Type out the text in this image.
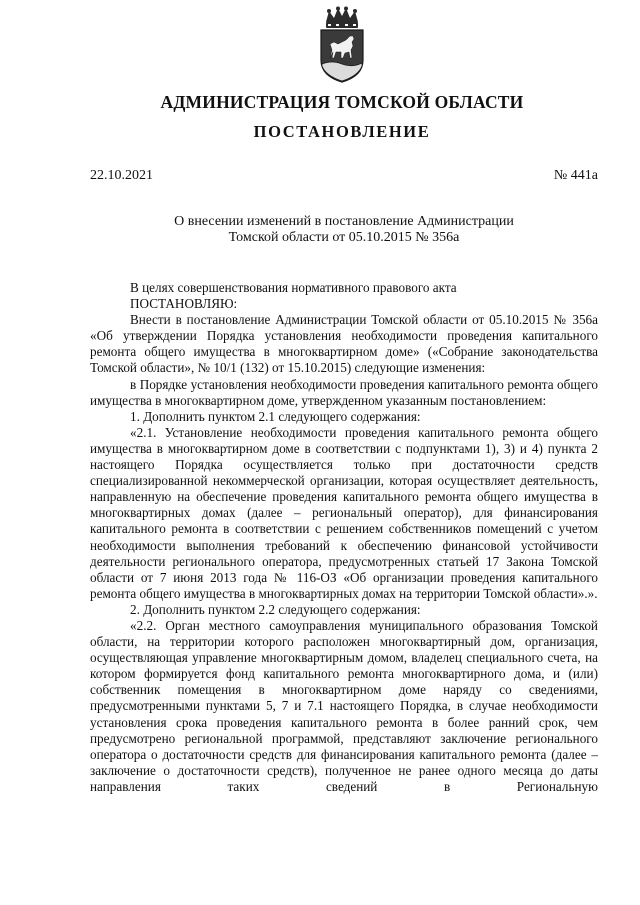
АДМИНИСТРАЦИЯ ТОМСКОЙ ОБЛАСТИ
ПОСТАНОВЛЕНИЕ
22.10.2021	№ 441а
О внесении изменений в постановление Администрации
Томской области от 05.10.2015 № 356а

В целях совершенствования нормативного правового акта

ПОСТАНОВЛЯЮ:

Внести в постановление Администрации Томской области от 05.10.2015 № 356а «Об утверждении Порядка установления необходимости проведения капитального ремонта общего имущества в многоквартирном доме» («Собрание законодательства Томской области», № 10/1 (132) от 15.10.2015) следующие изменения:

в Порядке установления необходимости проведения капитального ремонта общего имущества в многоквартирном доме, утвержденном указанным постановлением:

1. Дополнить пунктом 2.1 следующего содержания:

«2.1. Установление необходимости проведения капитального ремонта общего имущества в многоквартирном доме в соответствии с подпунктами 1), 3) и 4) пункта 2 настоящего Порядка осуществляется только при достаточности средств специализированной некоммерческой организации, которая осуществляет деятельность, направленную на обеспечение проведения капитального ремонта общего имущества в многоквартирных домах (далее – региональный оператор), для финансирования капитального ремонта в соответствии с решением собственников помещений с учетом необходимости выполнения требований к обеспечению финансовой устойчивости деятельности регионального оператора, предусмотренных статьей 17 Закона Томской области от 7 июня 2013 года № 116-ОЗ «Об организации проведения капитального ремонта общего имущества в многоквартирных домах на территории Томской области».».

2. Дополнить пунктом 2.2 следующего содержания:

«2.2. Орган местного самоуправления муниципального образования Томской области, на территории которого расположен многоквартирный дом, организация, осуществляющая управление многоквартирным домом, владелец специального счета, на котором формируется фонд капитального ремонта многоквартирного дома, и (или) собственник помещения в многоквартирном доме наряду со сведениями, предусмотренными пунктами 5, 7 и 7.1 настоящего Порядка, в случае необходимости установления срока проведения капитального ремонта в более ранний срок, чем предусмотрено региональной программой, представляют заключение регионального оператора о достаточности средств для финансирования капитального ремонта (далее – заключение о достаточности средств), полученное не ранее одного месяца до даты направления таких сведений в Региональную
